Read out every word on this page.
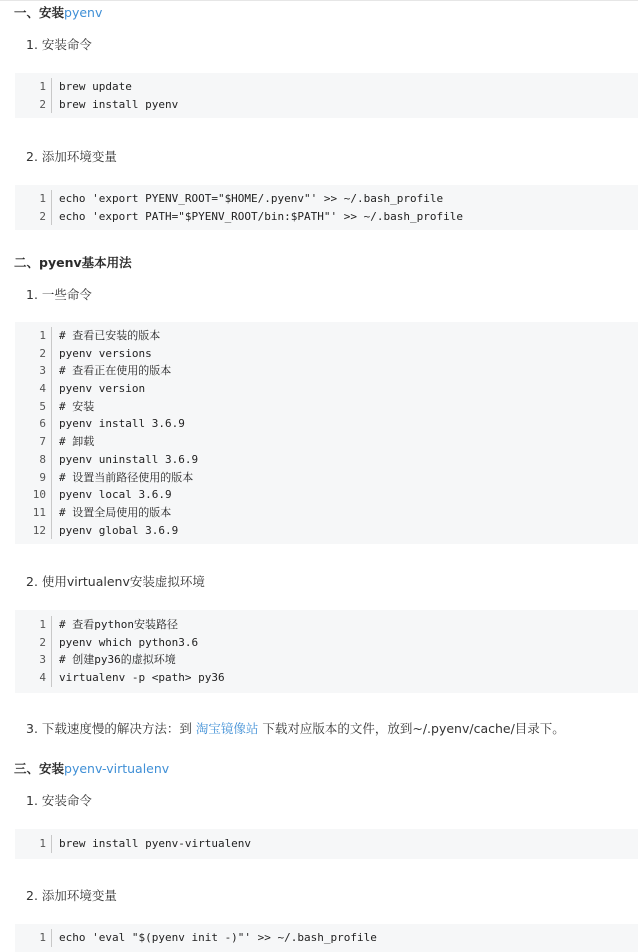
一、安装pyenv
1. 安装命令
1 brew update
2 brew install pyenv
2. 添加环境变量
1 echo 'export PYENV_ROOT="$HOME/.pyenv"' >> ~/.bash_profile
2 echo 'export PATH="$PYENV_ROOT/bin:$PATH"' >> ~/.bash_profile
二、pyenv基本用法
1. 一些命令
1 # 查看已安装的版本
2 pyenv versions
3 # 查看正在使用的版本
4 pyenv version
5 # 安装
6 pyenv install 3.6.9
7 # 卸载
8 pyenv uninstall 3.6.9
9 # 设置当前路径使用的版本
10 pyenv local 3.6.9
11 # 设置全局使用的版本
12 pyenv global 3.6.9
2. 使用virtualenv安装虚拟环境
1 # 查看python安装路径
2 pyenv which python3.6
3 # 创建py36的虚拟环境
4 virtualenv -p <path> py36
3. 下载速度慢的解决方法：到 淘宝镜像站 下载对应版本的文件，放到~/.pyenv/cache/目录下。
三、安装pyenv-virtualenv
1. 安装命令
1 brew install pyenv-virtualenv
2. 添加环境变量
1 echo 'eval "$(pyenv init -)"' >> ~/.bash_profile
